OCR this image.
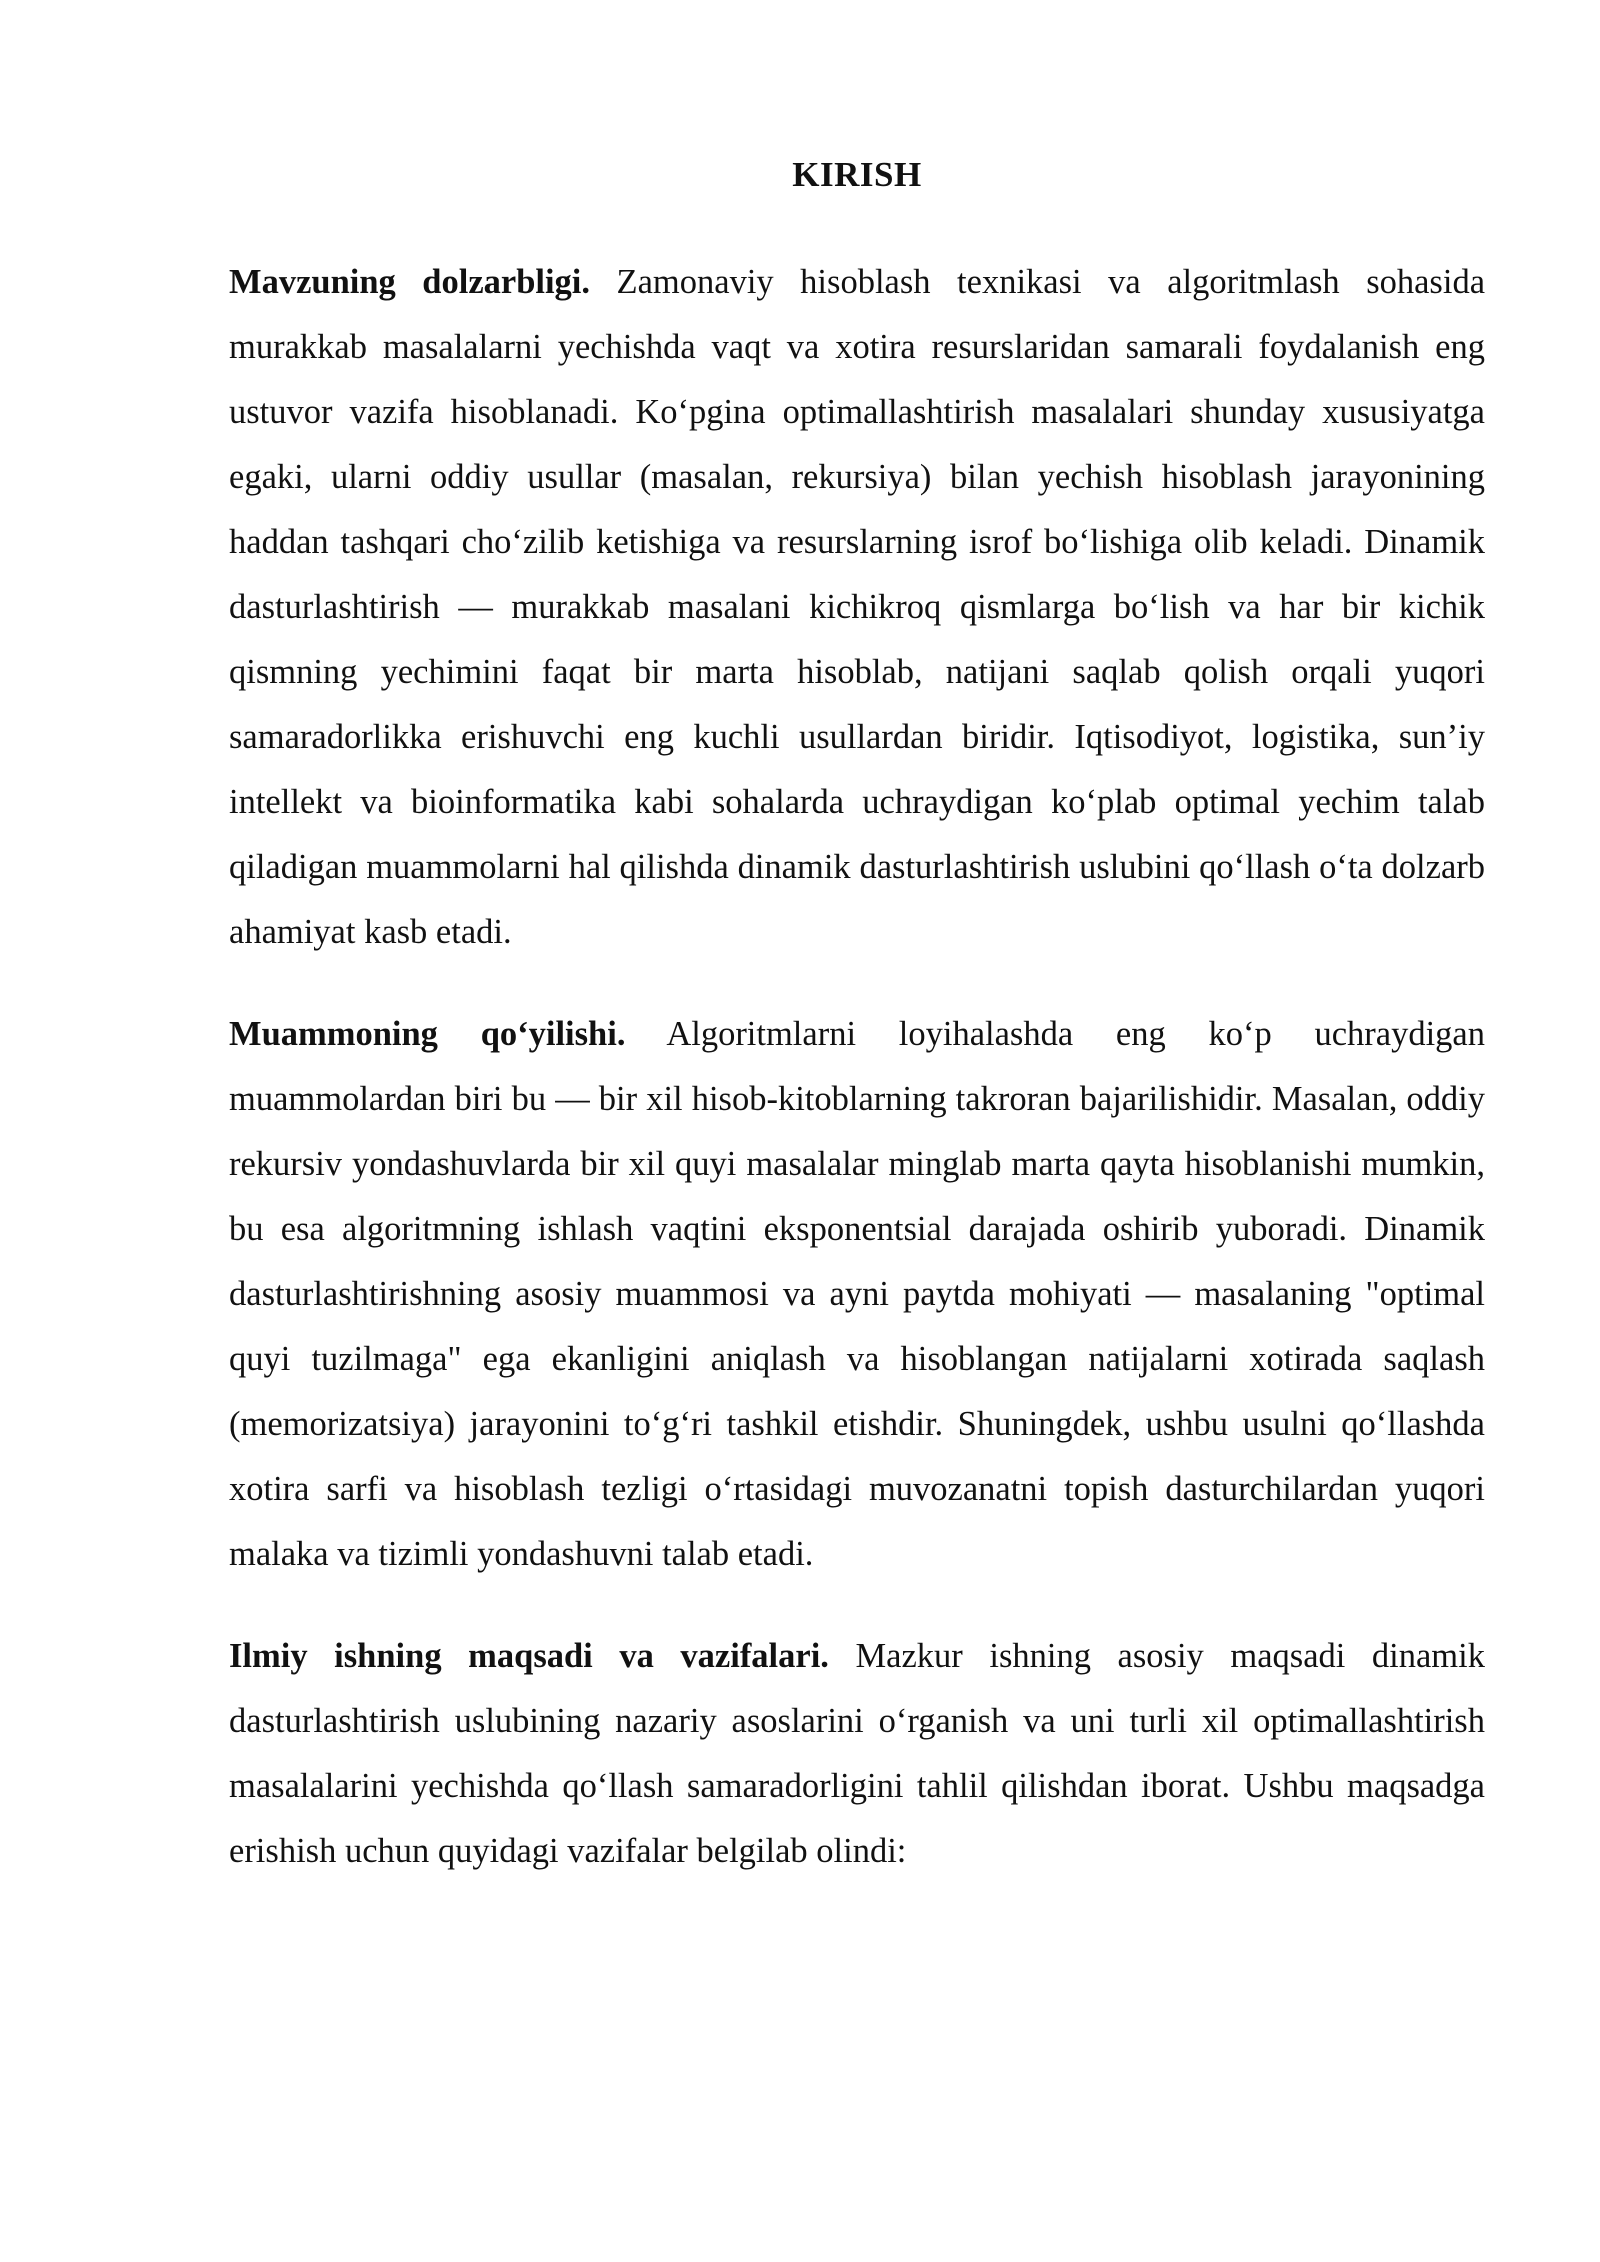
KIRISH

Mavzuning dolzarbligi. Zamonaviy hisoblash texnikasi va algoritmlash sohasida murakkab masalalarni yechishda vaqt va xotira resurslaridan samarali foydalanish eng ustuvor vazifa hisoblanadi. Koʻpgina optimallashtirish masalalari shunday xususiyatga egaki, ularni oddiy usullar (masalan, rekursiya) bilan yechish hisoblash jarayonining haddan tashqari choʻzilib ketishiga va resurslarning isrof boʻlishiga olib keladi. Dinamik dasturlashtirish — murakkab masalani kichikroq qismlarga boʻlish va har bir kichik qismning yechimini faqat bir marta hisoblab, natijani saqlab qolish orqali yuqori samaradorlikka erishuvchi eng kuchli usullardan biridir. Iqtisodiyot, logistika, sun’iy intellekt va bioinformatika kabi sohalarda uchraydigan koʻplab optimal yechim talab qiladigan muammolarni hal qilishda dinamik dasturlashtirish uslubini qoʻllash oʻta dolzarb ahamiyat kasb etadi.

Muammoning qoʻyilishi. Algoritmlarni loyihalashda eng koʻp uchraydigan muammolardan biri bu — bir xil hisob-kitoblarning takroran bajarilishidir. Masalan, oddiy rekursiv yondashuvlarda bir xil quyi masalalar minglab marta qayta hisoblanishi mumkin, bu esa algoritmning ishlash vaqtini eksponentsial darajada oshirib yuboradi. Dinamik dasturlashtirishning asosiy muammosi va ayni paytda mohiyati — masalaning "optimal quyi tuzilmaga" ega ekanligini aniqlash va hisoblangan natijalarni xotirada saqlash (memorizatsiya) jarayonini toʻgʻri tashkil etishdir. Shuningdek, ushbu usulni qoʻllashda xotira sarfi va hisoblash tezligi oʻrtasidagi muvozanatni topish dasturchilardan yuqori malaka va tizimli yondashuvni talab etadi.

Ilmiy ishning maqsadi va vazifalari. Mazkur ishning asosiy maqsadi dinamik dasturlashtirish uslubining nazariy asoslarini oʻrganish va uni turli xil optimallashtirish masalalarini yechishda qoʻllash samaradorligini tahlil qilishdan iborat. Ushbu maqsadga erishish uchun quyidagi vazifalar belgilab olindi:
